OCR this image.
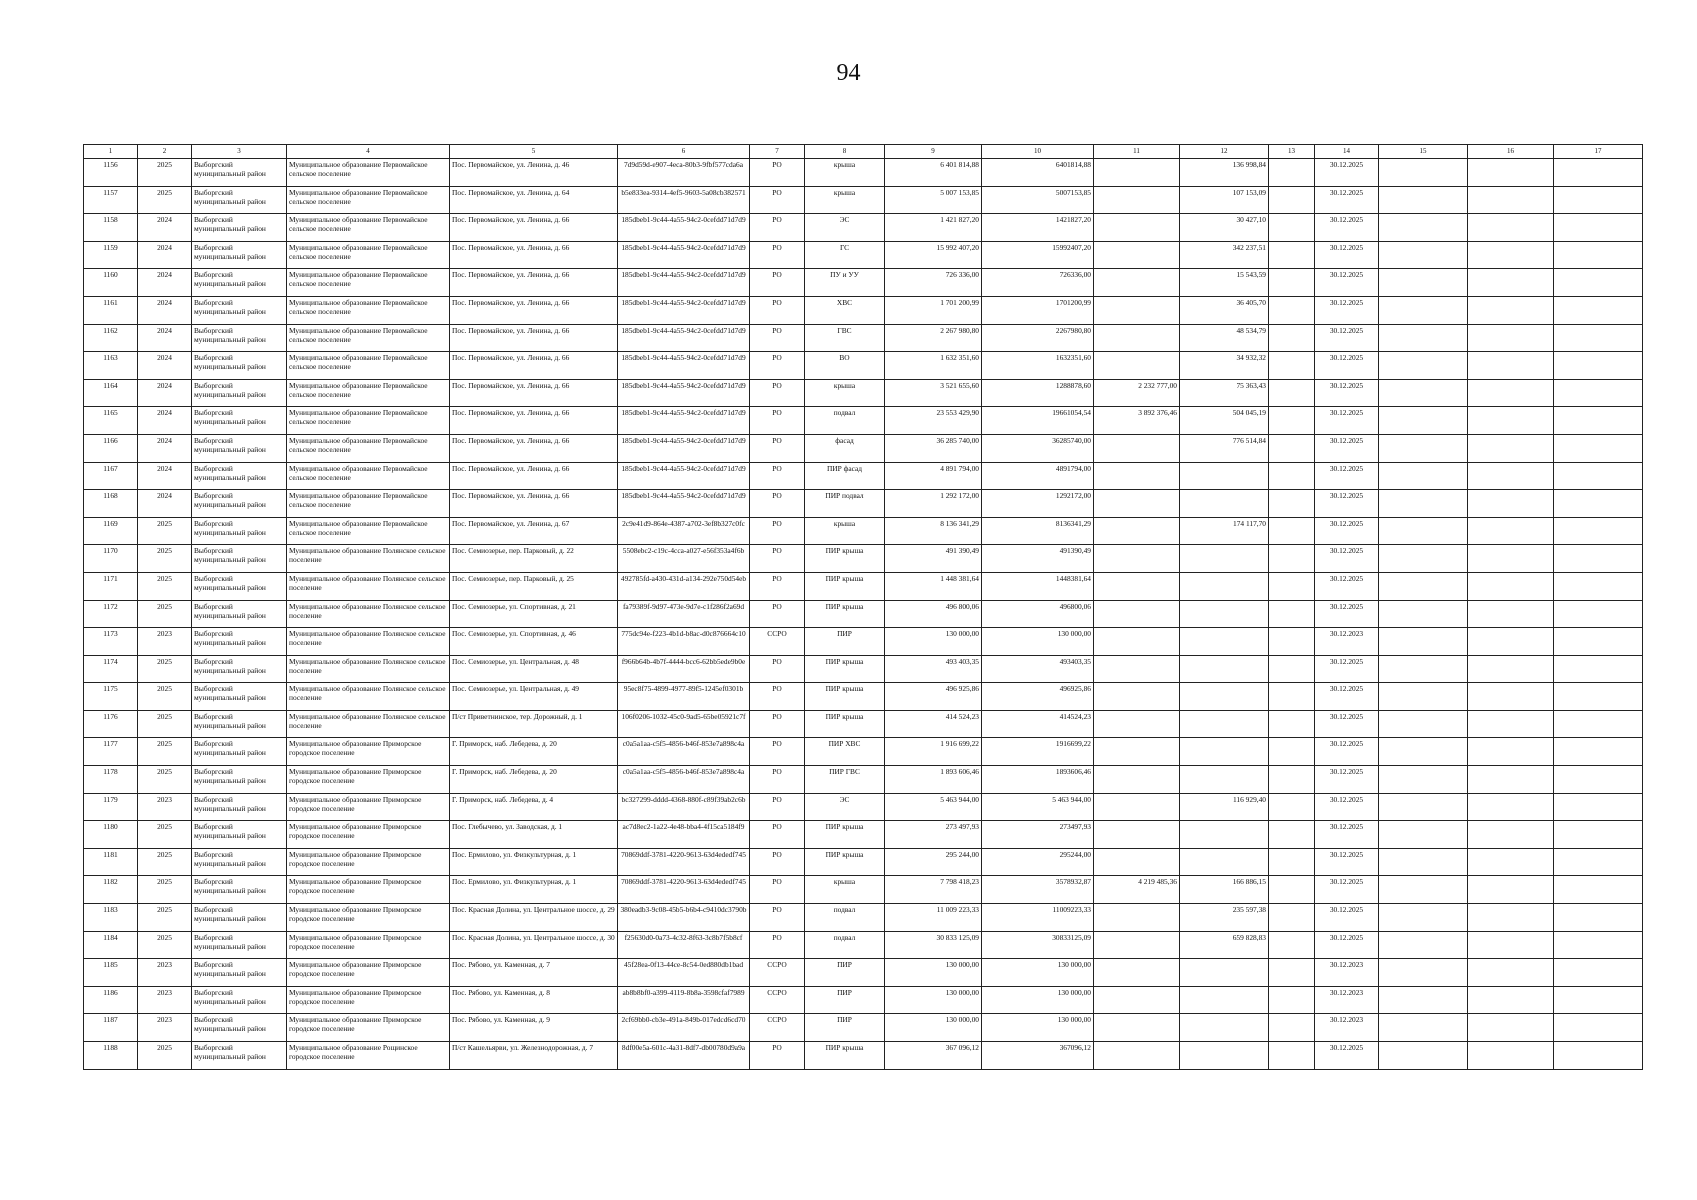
94
1	2	3	4	5	6	7	8	9	10	11	12	13	14	15	16	17
1156	2025	Выборгский муниципальный район	Муниципальное образование Первомайское сельское поселение	Пос. Первомайское, ул. Ленина, д. 46	7d9d59d-e907-4eca-80b3-9fbf577cda6a	РО	крыша	6 401 814,88	6401814,88		136 998,84		30.12.2025			
1157	2025	Выборгский муниципальный район	Муниципальное образование Первомайское сельское поселение	Пос. Первомайское, ул. Ленина, д. 64	b5e833ea-9314-4ef5-9603-5a08cb382571	РО	крыша	5 007 153,85	5007153,85		107 153,09		30.12.2025			
1158	2024	Выборгский муниципальный район	Муниципальное образование Первомайское сельское поселение	Пос. Первомайское, ул. Ленина, д. 66	185dbeb1-9c44-4a55-94c2-0cefdd71d7d9	РО	ЭС	1 421 827,20	1421827,20		30 427,10		30.12.2025			
1159	2024	Выборгский муниципальный район	Муниципальное образование Первомайское сельское поселение	Пос. Первомайское, ул. Ленина, д. 66	185dbeb1-9c44-4a55-94c2-0cefdd71d7d9	РО	ГС	15 992 407,20	15992407,20		342 237,51		30.12.2025			
1160	2024	Выборгский муниципальный район	Муниципальное образование Первомайское сельское поселение	Пос. Первомайское, ул. Ленина, д. 66	185dbeb1-9c44-4a55-94c2-0cefdd71d7d9	РО	ПУ и УУ	726 336,00	726336,00		15 543,59		30.12.2025			
1161	2024	Выборгский муниципальный район	Муниципальное образование Первомайское сельское поселение	Пос. Первомайское, ул. Ленина, д. 66	185dbeb1-9c44-4a55-94c2-0cefdd71d7d9	РО	ХВС	1 701 200,99	1701200,99		36 405,70		30.12.2025			
1162	2024	Выборгский муниципальный район	Муниципальное образование Первомайское сельское поселение	Пос. Первомайское, ул. Ленина, д. 66	185dbeb1-9c44-4a55-94c2-0cefdd71d7d9	РО	ГВС	2 267 980,80	2267980,80		48 534,79		30.12.2025			
1163	2024	Выборгский муниципальный район	Муниципальное образование Первомайское сельское поселение	Пос. Первомайское, ул. Ленина, д. 66	185dbeb1-9c44-4a55-94c2-0cefdd71d7d9	РО	ВО	1 632 351,60	1632351,60		34 932,32		30.12.2025			
1164	2024	Выборгский муниципальный район	Муниципальное образование Первомайское сельское поселение	Пос. Первомайское, ул. Ленина, д. 66	185dbeb1-9c44-4a55-94c2-0cefdd71d7d9	РО	крыша	3 521 655,60	1288878,60	2 232 777,00	75 363,43		30.12.2025			
1165	2024	Выборгский муниципальный район	Муниципальное образование Первомайское сельское поселение	Пос. Первомайское, ул. Ленина, д. 66	185dbeb1-9c44-4a55-94c2-0cefdd71d7d9	РО	подвал	23 553 429,90	19661054,54	3 892 376,46	504 045,19		30.12.2025			
1166	2024	Выборгский муниципальный район	Муниципальное образование Первомайское сельское поселение	Пос. Первомайское, ул. Ленина, д. 66	185dbeb1-9c44-4a55-94c2-0cefdd71d7d9	РО	фасад	36 285 740,00	36285740,00		776 514,84		30.12.2025			
1167	2024	Выборгский муниципальный район	Муниципальное образование Первомайское сельское поселение	Пос. Первомайское, ул. Ленина, д. 66	185dbeb1-9c44-4a55-94c2-0cefdd71d7d9	РО	ПИР фасад	4 891 794,00	4891794,00				30.12.2025			
1168	2024	Выборгский муниципальный район	Муниципальное образование Первомайское сельское поселение	Пос. Первомайское, ул. Ленина, д. 66	185dbeb1-9c44-4a55-94c2-0cefdd71d7d9	РО	ПИР подвал	1 292 172,00	1292172,00				30.12.2025			
1169	2025	Выборгский муниципальный район	Муниципальное образование Первомайское сельское поселение	Пос. Первомайское, ул. Ленина, д. 67	2c9e41d9-864e-4387-a702-3ef8b327c0fc	РО	крыша	8 136 341,29	8136341,29		174 117,70		30.12.2025			
1170	2025	Выборгский муниципальный район	Муниципальное образование Полянское сельское поселение	Пос. Семиозерье, пер. Парковый, д. 22	5508ebc2-c19c-4cca-a027-e56f353a4f6b	РО	ПИР крыша	491 390,49	491390,49				30.12.2025			
1171	2025	Выборгский муниципальный район	Муниципальное образование Полянское сельское поселение	Пос. Семиозерье, пер. Парковый, д. 25	492785fd-a430-431d-a134-292e750d54eb	РО	ПИР крыша	1 448 381,64	1448381,64				30.12.2025			
1172	2025	Выборгский муниципальный район	Муниципальное образование Полянское сельское поселение	Пос. Семиозерье, ул. Спортивная, д. 21	fa79389f-9d97-473e-9d7e-c1f286f2a69d	РО	ПИР крыша	496 800,06	496800,06				30.12.2025			
1173	2023	Выборгский муниципальный район	Муниципальное образование Полянское сельское поселение	Пос. Семиозерье, ул. Спортивная, д. 46	775dc94e-f223-4b1d-b8ac-d0c876664c10	ССРО	ПИР	130 000,00	130 000,00				30.12.2023			
1174	2025	Выборгский муниципальный район	Муниципальное образование Полянское сельское поселение	Пос. Семиозерье, ул. Центральная, д. 48	f966b64b-4b7f-4444-bcc6-62bb5ede9b0e	РО	ПИР крыша	493 403,35	493403,35				30.12.2025			
1175	2025	Выборгский муниципальный район	Муниципальное образование Полянское сельское поселение	Пос. Семиозерье, ул. Центральная, д. 49	95ec8f75-4899-4977-89f5-1245ef0301b	РО	ПИР крыша	496 925,86	496925,86				30.12.2025			
1176	2025	Выборгский муниципальный район	Муниципальное образование Полянское сельское поселение	П/ст Приветнинское, тер. Дорожный, д. 1	106f0206-1032-45c0-9ad5-65be05921c7f	РО	ПИР крыша	414 524,23	414524,23				30.12.2025			
1177	2025	Выборгский муниципальный район	Муниципальное образование Приморское городское поселение	Г. Приморск, наб. Лебедева, д. 20	c0a5a1aa-c5f5-4856-b46f-853e7a898c4a	РО	ПИР ХВС	1 916 699,22	1916699,22				30.12.2025			
1178	2025	Выборгский муниципальный район	Муниципальное образование Приморское городское поселение	Г. Приморск, наб. Лебедева, д. 20	c0a5a1aa-c5f5-4856-b46f-853e7a898c4a	РО	ПИР ГВС	1 893 606,46	1893606,46				30.12.2025			
1179	2023	Выборгский муниципальный район	Муниципальное образование Приморское городское поселение	Г. Приморск, наб. Лебедева, д. 4	bc327299-dddd-4368-880f-c89f39ab2c6b	РО	ЭС	5 463 944,00	5 463 944,00		116 929,40		30.12.2025			
1180	2025	Выборгский муниципальный район	Муниципальное образование Приморское городское поселение	Пос. Глебычево, ул. Заводская, д. 1	ac7d8ec2-1a22-4e48-bba4-4f15ca5184f9	РО	ПИР крыша	273 497,93	273497,93				30.12.2025			
1181	2025	Выборгский муниципальный район	Муниципальное образование Приморское городское поселение	Пос. Ермилово, ул. Физкультурная, д. 1	70869ddf-3781-4220-9613-63d4ededf745	РО	ПИР крыша	295 244,00	295244,00				30.12.2025			
1182	2025	Выборгский муниципальный район	Муниципальное образование Приморское городское поселение	Пос. Ермилово, ул. Физкультурная, д. 1	70869ddf-3781-4220-9613-63d4ededf745	РО	крыша	7 798 418,23	3578932,87	4 219 485,36	166 886,15		30.12.2025			
1183	2025	Выборгский муниципальный район	Муниципальное образование Приморское городское поселение	Пос. Красная Долина, ул. Центральное шоссе, д. 29	380eadb3-9c08-45b5-b6b4-c9410dc3790b	РО	подвал	11 009 223,33	11009223,33		235 597,38		30.12.2025			
1184	2025	Выборгский муниципальный район	Муниципальное образование Приморское городское поселение	Пос. Красная Долина, ул. Центральное шоссе, д. 30	f25630d0-0a73-4c32-8f63-3c8b7f5b8cf	РО	подвал	30 833 125,09	30833125,09		659 828,83		30.12.2025			
1185	2023	Выборгский муниципальный район	Муниципальное образование Приморское городское поселение	Пос. Рябово, ул. Каменная, д. 7	45f28ea-0f13-44ce-8c54-0ed880db1bad	ССРО	ПИР	130 000,00	130 000,00				30.12.2023			
1186	2023	Выборгский муниципальный район	Муниципальное образование Приморское городское поселение	Пос. Рябово, ул. Каменная, д. 8	ab8b8bf0-a399-4119-8b8a-3598cfaf7989	ССРО	ПИР	130 000,00	130 000,00				30.12.2023			
1187	2023	Выборгский муниципальный район	Муниципальное образование Приморское городское поселение	Пос. Рябово, ул. Каменная, д. 9	2cf69bb0-cb3e-491a-849b-017edcd6cd70	ССРО	ПИР	130 000,00	130 000,00				30.12.2023			
1188	2025	Выборгский муниципальный район	Муниципальное образование Рощинское городское поселение	П/ст Кашельярви, ул. Железнодорожная, д. 7	8df00e5a-601c-4a31-8df7-db00780d9a9a	РО	ПИР крыша	367 096,12	367096,12				30.12.2025			
